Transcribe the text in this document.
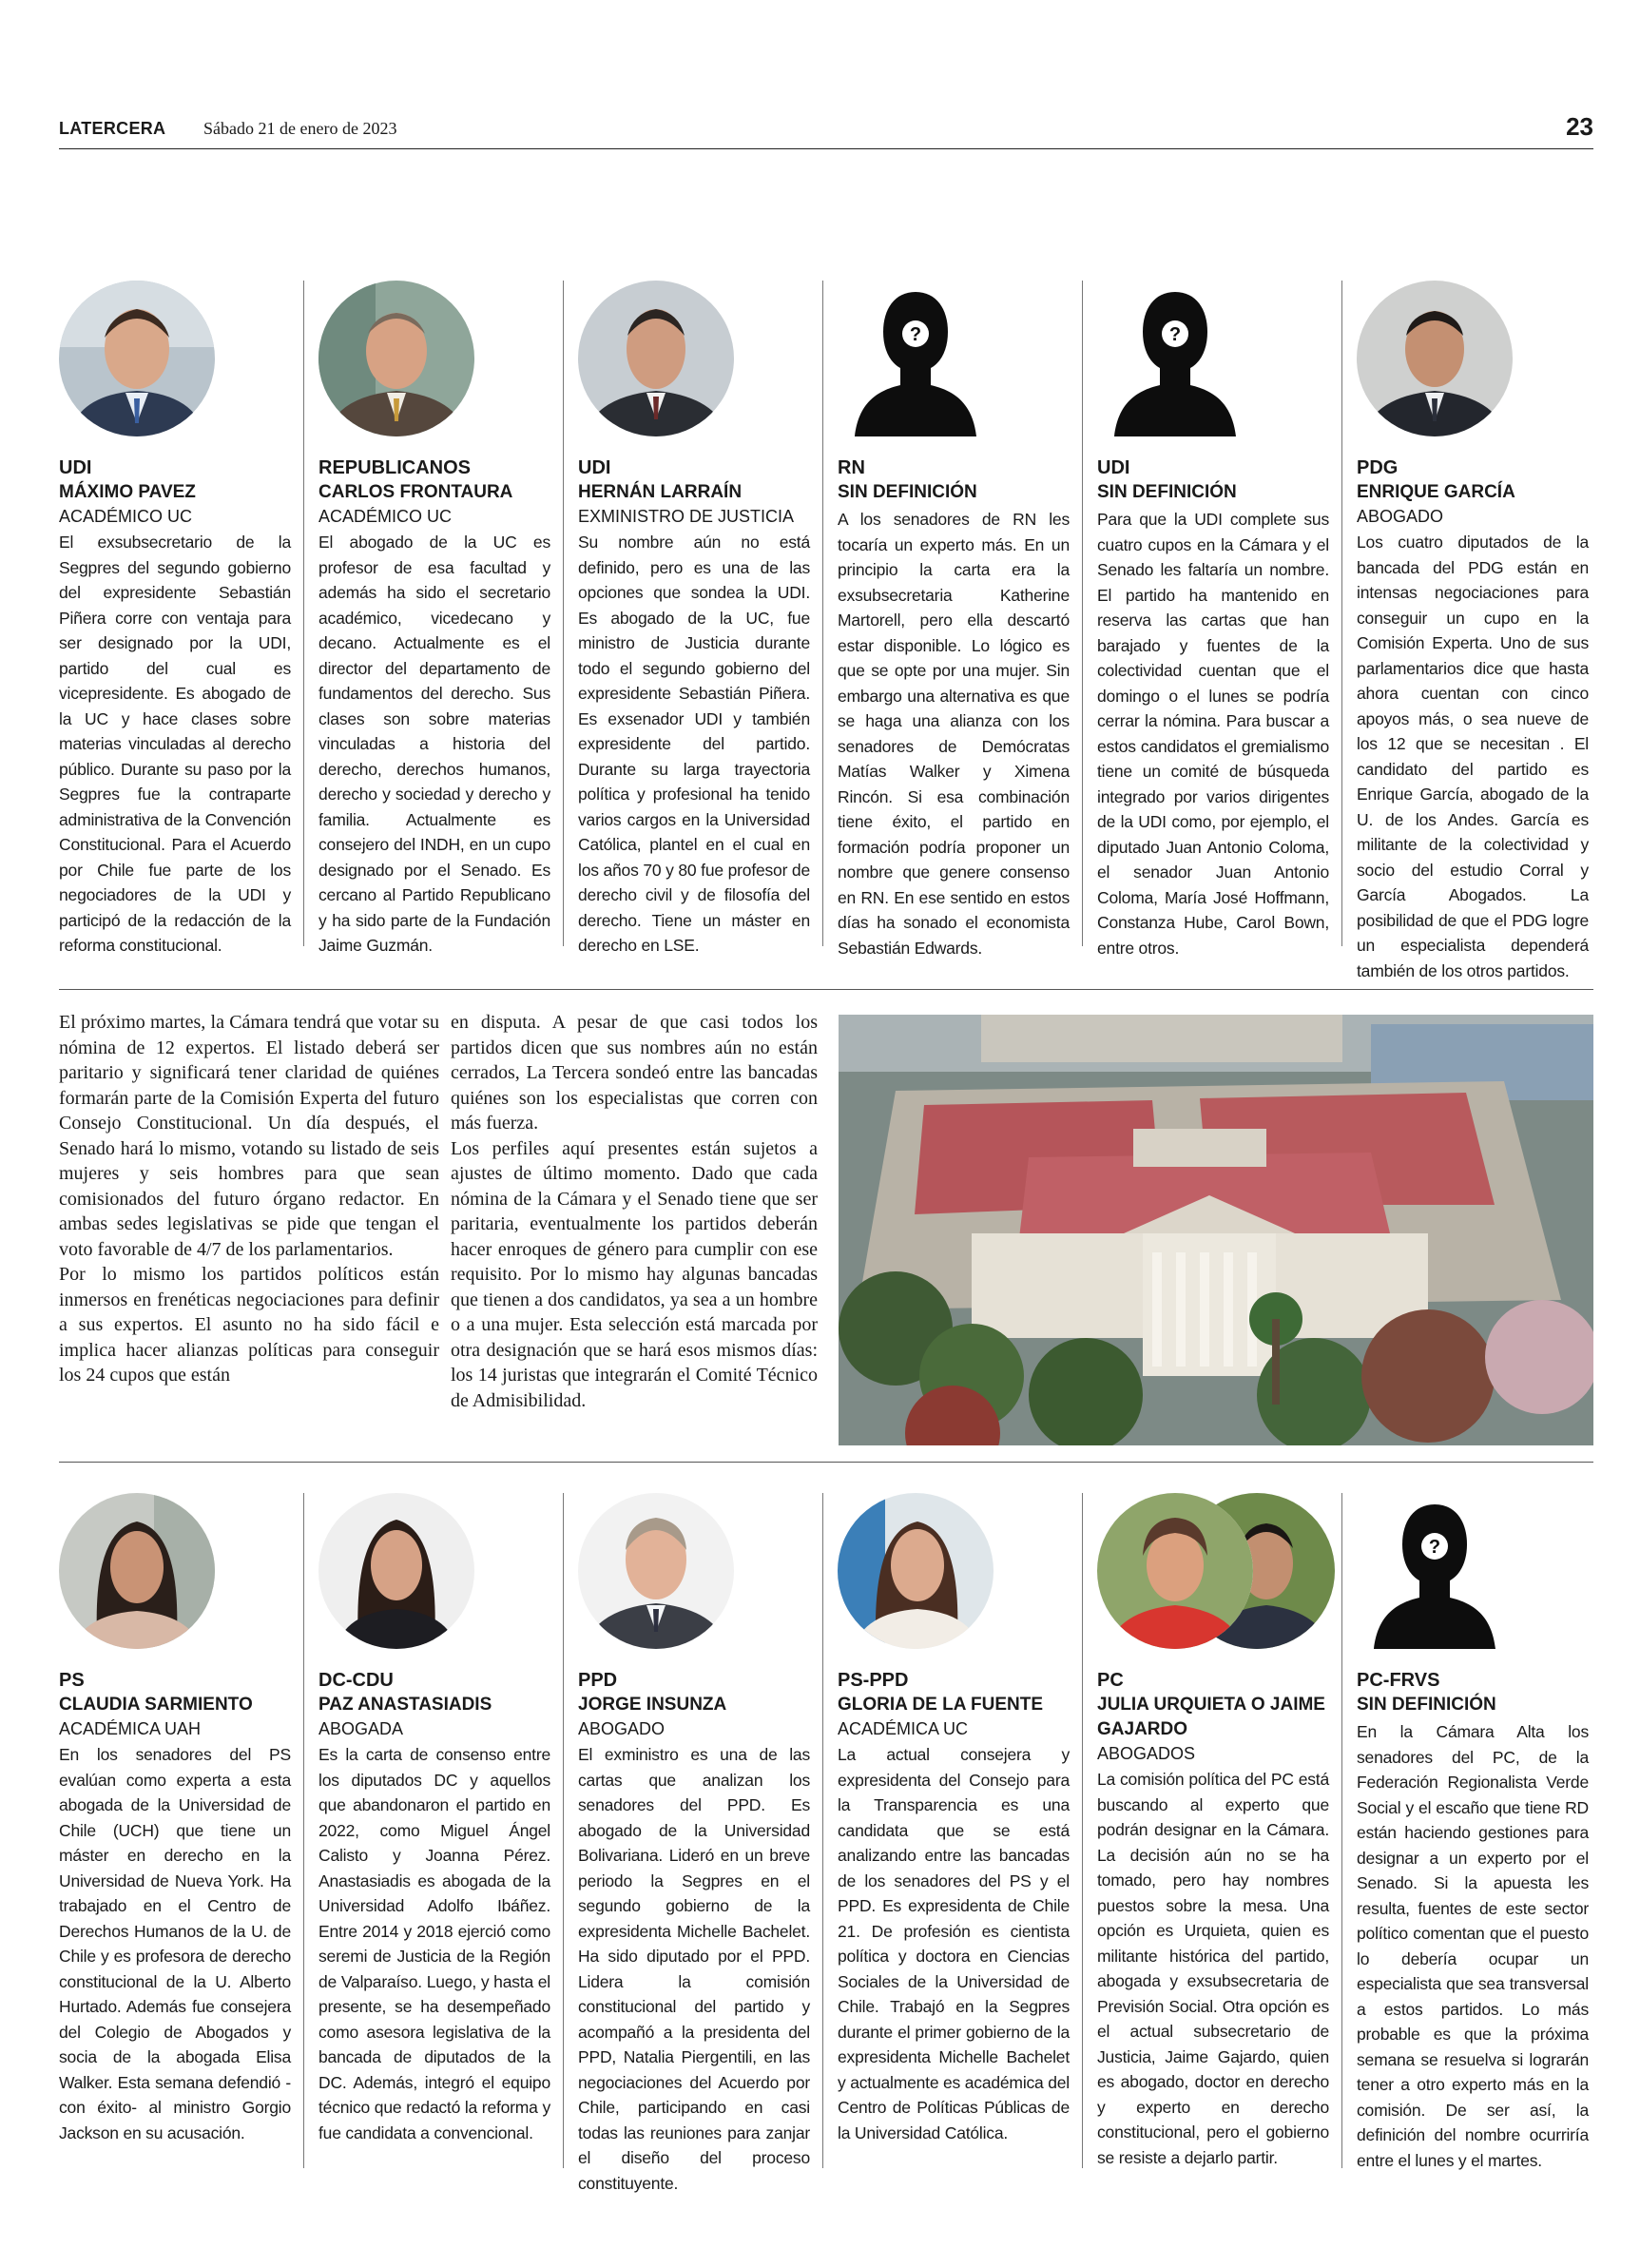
LATERCERA Sábado 21 de enero de 2023	23
UDI
MÁXIMO PAVEZ
ACADÉMICO UC
El exsubsecretario de la Segpres del segundo gobierno del expresidente Sebastián Piñera corre con ventaja para ser designado por la UDI, partido del cual es vicepresidente. Es abogado de la UC y hace clases sobre materias vinculadas al derecho público. Durante su paso por la Segpres fue la contraparte administrativa de la Convención Constitucional. Para el Acuerdo por Chile fue parte de los negociadores de la UDI y participó de la redacción de la reforma constitucional.
REPUBLICANOS
CARLOS FRONTAURA
ACADÉMICO UC
El abogado de la UC es profesor de esa facultad y además ha sido el secretario académico, vicedecano y decano. Actualmente es el director del departamento de fundamentos del derecho. Sus clases son sobre materias vinculadas a historia del derecho, derechos humanos, derecho y sociedad y derecho y familia. Actualmente es consejero del INDH, en un cupo designado por el Senado. Es cercano al Partido Republicano y ha sido parte de la Fundación Jaime Guzmán.
UDI
HERNÁN LARRAÍN
EXMINISTRO DE JUSTICIA
Su nombre aún no está definido, pero es una de las opciones que sondea la UDI. Es abogado de la UC, fue ministro de Justicia durante todo el segundo gobierno del expresidente Sebastián Piñera. Es exsenador UDI y también expresidente del partido. Durante su larga trayectoria política y profesional ha tenido varios cargos en la Universidad Católica, plantel en el cual en los años 70 y 80 fue profesor de derecho civil y de filosofía del derecho. Tiene un máster en derecho en LSE.
?
RN
SIN DEFINICIÓN
A los senadores de RN les tocaría un experto más. En un principio la carta era la exsubsecretaria Katherine Martorell, pero ella descartó estar disponible. Lo lógico es que se opte por una mujer. Sin embargo una alternativa es que se haga una alianza con los senadores de Demócratas Matías Walker y Ximena Rincón. Si esa combinación tiene éxito, el partido en formación podría proponer un nombre que genere consenso en RN. En ese sentido en estos días ha sonado el economista Sebastián Edwards.
?
UDI
SIN DEFINICIÓN
Para que la UDI complete sus cuatro cupos en la Cámara y el Senado les faltaría un nombre. El partido ha mantenido en reserva las cartas que han barajado y fuentes de la colectividad cuentan que el domingo o el lunes se podría cerrar la nómina. Para buscar a estos candidatos el gremialismo tiene un comité de búsqueda integrado por varios dirigentes de la UDI como, por ejemplo, el diputado Juan Antonio Coloma, el senador Juan Antonio Coloma, María José Hoffmann, Constanza Hube, Carol Bown, entre otros.
PDG
ENRIQUE GARCÍA
ABOGADO
Los cuatro diputados de la bancada del PDG están en intensas negociaciones para conseguir un cupo en la Comisión Experta. Uno de sus parlamentarios dice que hasta ahora cuentan con cinco apoyos más, o sea nueve de los 12 que se necesitan . El candidato del partido es Enrique García, abogado de la U. de los Andes. García es militante de la colectividad y socio del estudio Corral y García Abogados. La posibilidad de que el PDG logre un especialista dependerá también de los otros partidos.

El próximo martes, la Cámara tendrá que votar su nómina de 12 expertos. El listado deberá ser paritario y significará tener claridad de quiénes formarán parte de la Comisión Experta del futuro Consejo Constitucional. Un día después, el Senado hará lo mismo, votando su listado de seis mujeres y seis hombres para que sean comisionados del futuro órgano redactor. En ambas sedes legislativas se pide que tengan el voto favorable de 4/7 de los parlamentarios.

Por lo mismo los partidos políticos están inmersos en frenéticas negociaciones para definir a sus expertos. El asunto no ha sido fácil e implica hacer alianzas políticas para conseguir los 24 cupos que están

en disputa. A pesar de que casi todos los partidos dicen que sus nombres aún no están cerrados, La Tercera sondeó entre las bancadas quiénes son los especialistas que corren con más fuerza.

Los perfiles aquí presentes están sujetos a ajustes de último momento. Dado que cada nómina de la Cámara y el Senado tiene que ser paritaria, eventualmente los partidos deberán hacer enroques de género para cumplir con ese requisito. Por lo mismo hay algunas bancadas que tienen a dos candidatos, ya sea a un hombre o a una mujer. Esta selección está marcada por otra designación que se hará esos mismos días: los 14 juristas que integrarán el Comité Técnico de Admisibilidad.

PS
CLAUDIA SARMIENTO
ACADÉMICA UAH
En los senadores del PS evalúan como experta a esta abogada de la Universidad de Chile (UCH) que tiene un máster en derecho en la Universidad de Nueva York. Ha trabajado en el Centro de Derechos Humanos de la U. de Chile y es profesora de derecho constitucional de la U. Alberto Hurtado. Además fue consejera del Colegio de Abogados y socia de la abogada Elisa Walker. Esta semana defendió -con éxito- al ministro Gorgio Jackson en su acusación.
DC-CDU
PAZ ANASTASIADIS
ABOGADA
Es la carta de consenso entre los diputados DC y aquellos que abandonaron el partido en 2022, como Miguel Ángel Calisto y Joanna Pérez. Anastasiadis es abogada de la Universidad Adolfo Ibáñez. Entre 2014 y 2018 ejerció como seremi de Justicia de la Región de Valparaíso. Luego, y hasta el presente, se ha desempeñado como asesora legislativa de la bancada de diputados de la DC. Además, integró el equipo técnico que redactó la reforma y fue candidata a convencional.
PPD
JORGE INSUNZA
ABOGADO
El exministro es una de las cartas que analizan los senadores del PPD. Es abogado de la Universidad Bolivariana. Lideró en un breve periodo la Segpres en el segundo gobierno de la expresidenta Michelle Bachelet. Ha sido diputado por el PPD. Lidera la comisión constitucional del partido y acompañó a la presidenta del PPD, Natalia Piergentili, en las negociaciones del Acuerdo por Chile, participando en casi todas las reuniones para zanjar el diseño del proceso constituyente.
PS-PPD
GLORIA DE LA FUENTE
ACADÉMICA UC
La actual consejera y expresidenta del Consejo para la Transparencia es una candidata que se está analizando entre las bancadas de los senadores del PS y el PPD. Es expresidenta de Chile 21. De profesión es cientista política y doctora en Ciencias Sociales de la Universidad de Chile. Trabajó en la Segpres durante el primer gobierno de la expresidenta Michelle Bachelet y actualmente es académica del Centro de Políticas Públicas de la Universidad Católica.
PC
JULIA URQUIETA O JAIME GAJARDO
ABOGADOS
La comisión política del PC está buscando al experto que podrán designar en la Cámara. La decisión aún no se ha tomado, pero hay nombres puestos sobre la mesa. Una opción es Urquieta, quien es militante histórica del partido, abogada y exsubsecretaria de Previsión Social. Otra opción es el actual subsecretario de Justicia, Jaime Gajardo, quien es abogado, doctor en derecho y experto en derecho constitucional, pero el gobierno se resiste a dejarlo partir.
?
PC-FRVS
SIN DEFINICIÓN
En la Cámara Alta los senadores del PC, de la Federación Regionalista Verde Social y el escaño que tiene RD están haciendo gestiones para designar a un experto por el Senado. Si la apuesta les resulta, fuentes de este sector político comentan que el puesto lo debería ocupar un especialista que sea transversal a estos partidos. Lo más probable es que la próxima semana se resuelva si lograrán tener a otro experto más en la comisión. De ser así, la definición del nombre ocurriría entre el lunes y el martes.
